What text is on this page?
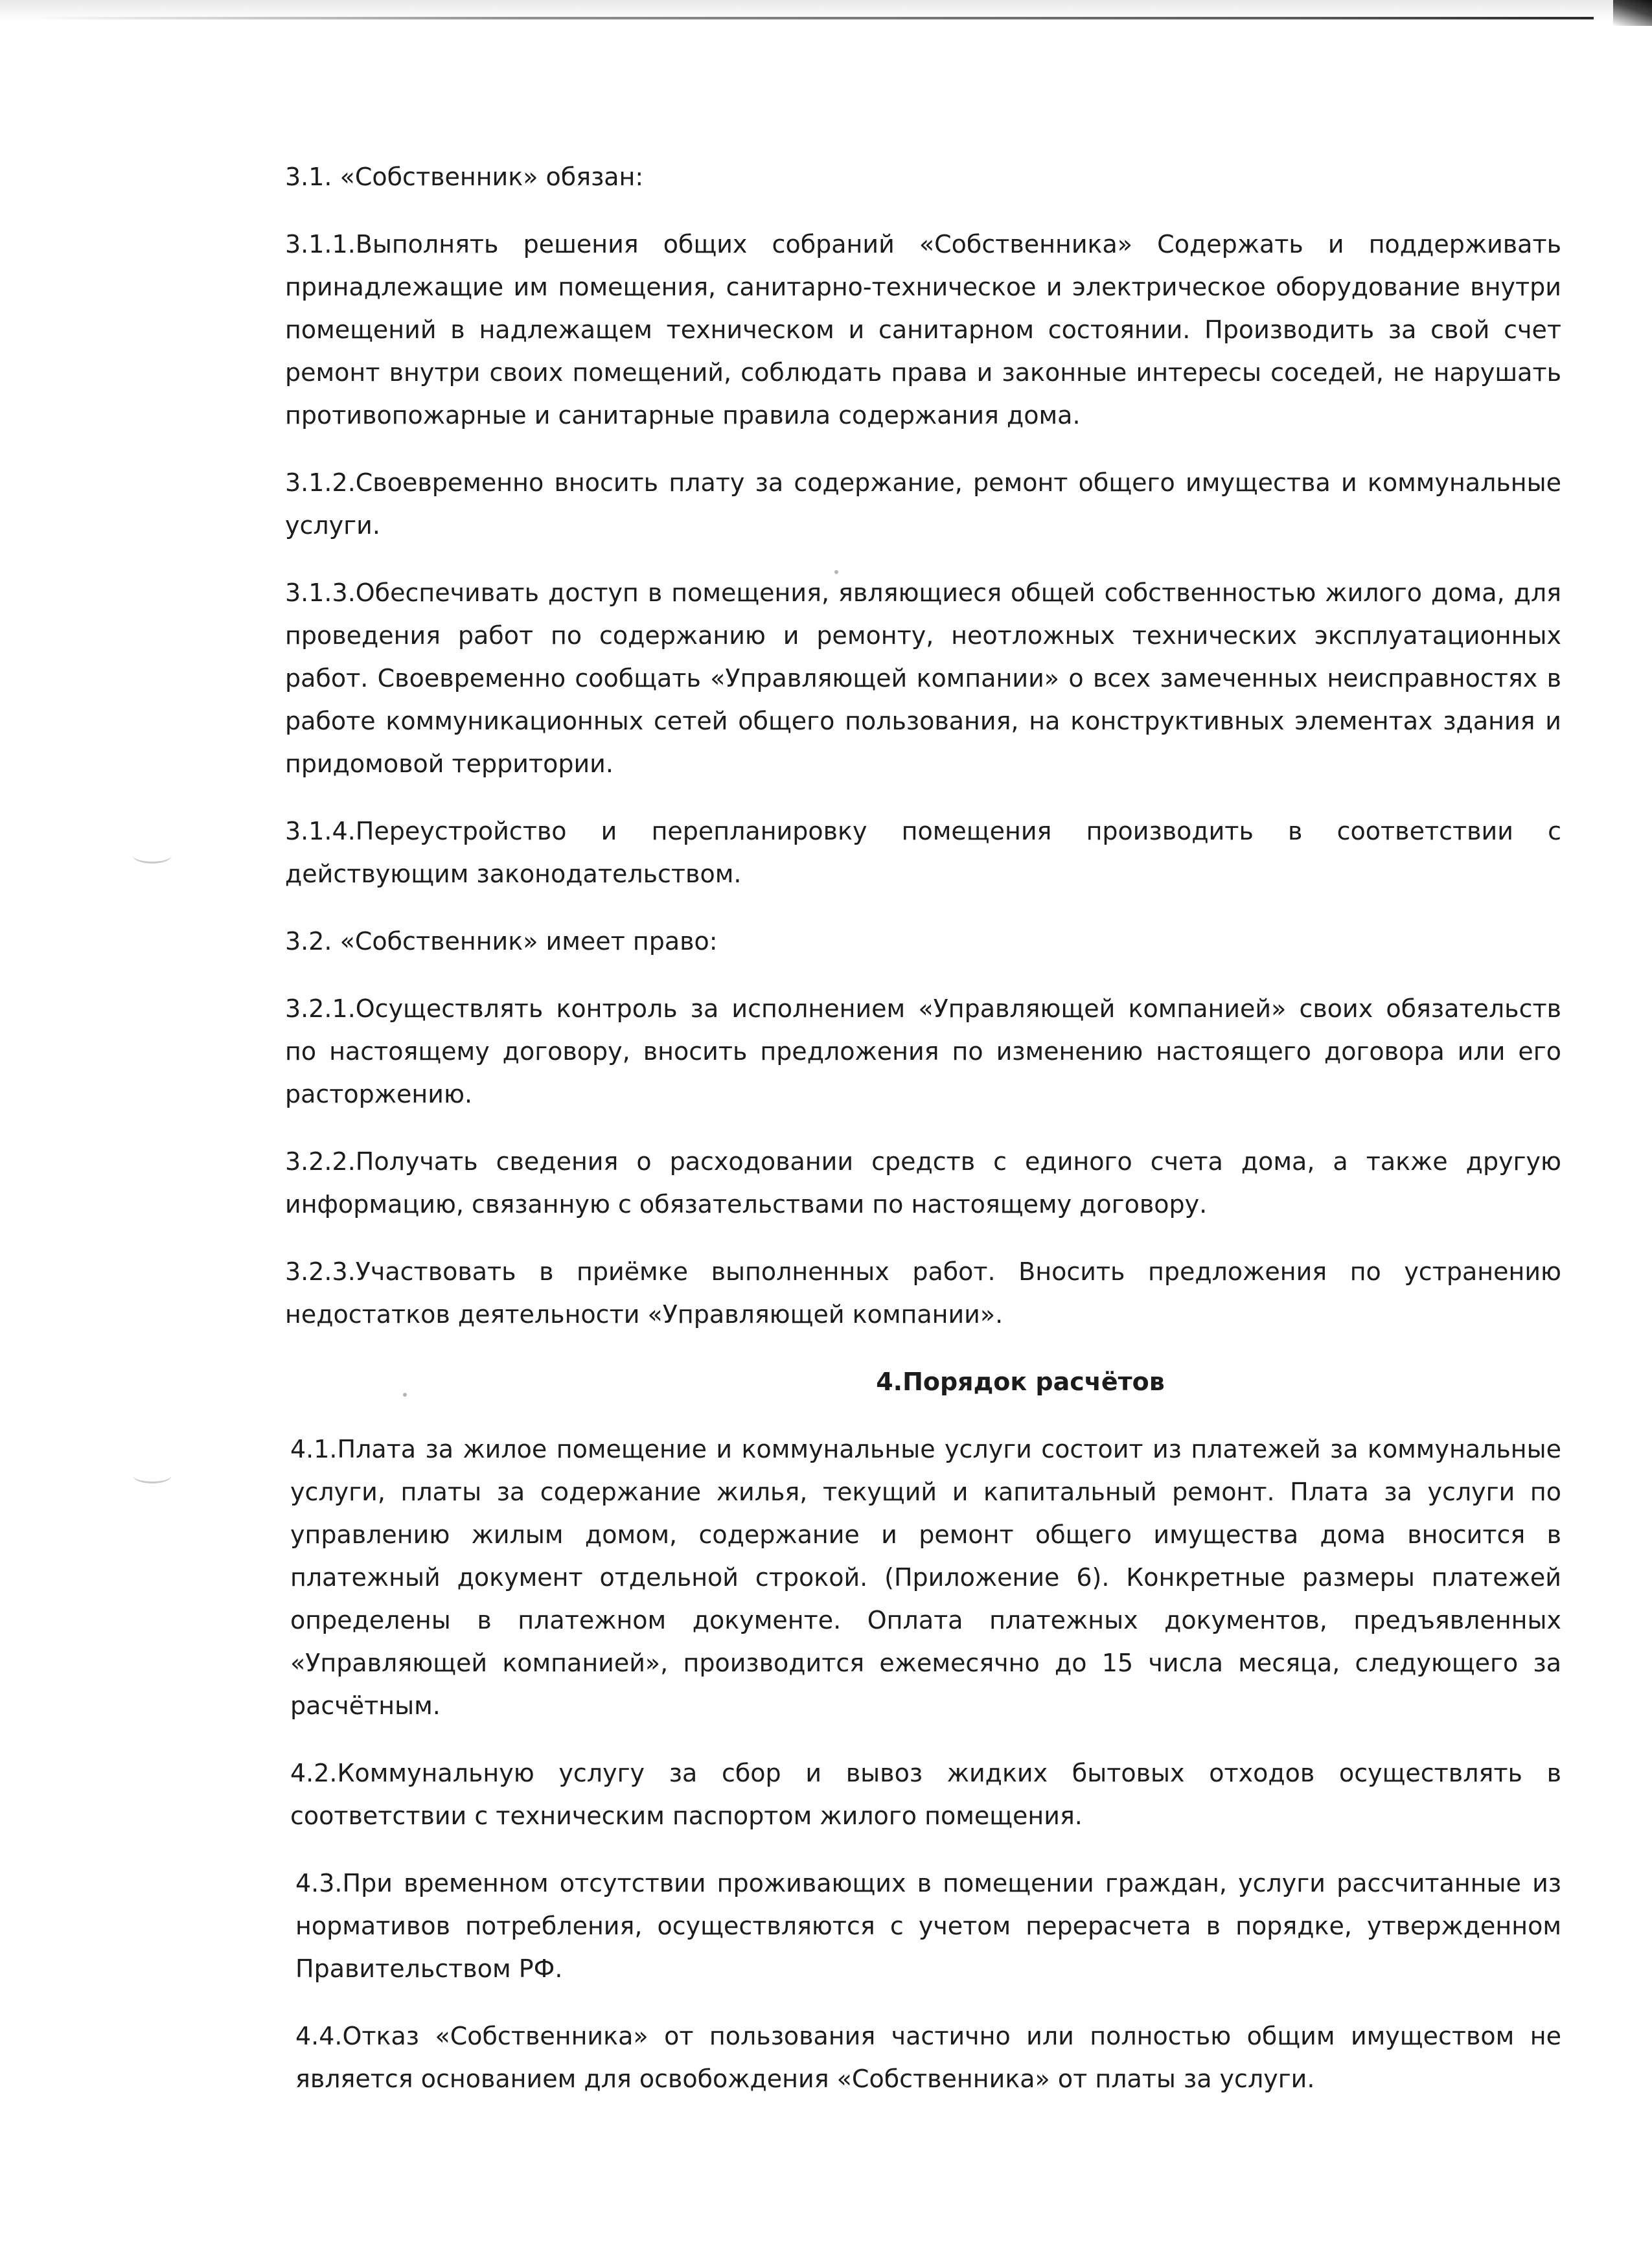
3.1. «Собственник» обязан:

3.1.1.Выполнять решения общих собраний «Собственника» Содержать и поддерживать принадлежащие им помещения, санитарно-техническое и электрическое оборудование внутри помещений в надлежащем техническом и санитарном состоянии. Производить за свой счет ремонт внутри своих помещений, соблюдать права и законные интересы соседей, не нарушать противопожарные и санитарные правила содержания дома.

3.1.2.Своевременно вносить плату за содержание, ремонт общего имущества и коммунальные услуги.

3.1.3.Обеспечивать доступ в помещения, являющиеся общей собственностью жилого дома, для проведения работ по содержанию и ремонту, неотложных технических эксплуатационных работ. Своевременно сообщать «Управляющей компании» о всех замеченных неисправностях в работе коммуникационных сетей общего пользования, на конструктивных элементах здания и придомовой территории.

3.1.4.Переустройство и перепланировку помещения производить в соответствии с действующим законодательством.

3.2. «Собственник» имеет право:

3.2.1.Осуществлять контроль за исполнением «Управляющей компанией» своих обязательств по настоящему договору, вносить предложения по изменению настоящего договора или его расторжению.

3.2.2.Получать сведения о расходовании средств с единого счета дома, а также другую информацию, связанную с обязательствами по настоящему договору.

3.2.3.Участвовать в приёмке выполненных работ. Вносить предложения по устранению недостатков деятельности «Управляющей компании».

4.Порядок расчётов

4.1.Плата за жилое помещение и коммунальные услуги состоит из платежей за коммунальные услуги, платы за содержание жилья, текущий и капитальный ремонт. Плата за услуги по управлению жилым домом, содержание и ремонт общего имущества дома вносится в платежный документ отдельной строкой. (Приложение 6). Конкретные размеры платежей определены в платежном документе. Оплата платежных документов, предъявленных «Управляющей компанией», производится ежемесячно до 15 числа месяца, следующего за расчётным.

4.2.Коммунальную услугу за сбор и вывоз жидких бытовых отходов осуществлять в соответствии с техническим паспортом жилого помещения.

4.3.При временном отсутствии проживающих в помещении граждан, услуги рассчитанные из нормативов потребления, осуществляются с учетом перерасчета в порядке, утвержденном Правительством РФ.

4.4.Отказ «Собственника» от пользования частично или полностью общим имуществом не является основанием для освобождения «Собственника» от платы за услуги.
